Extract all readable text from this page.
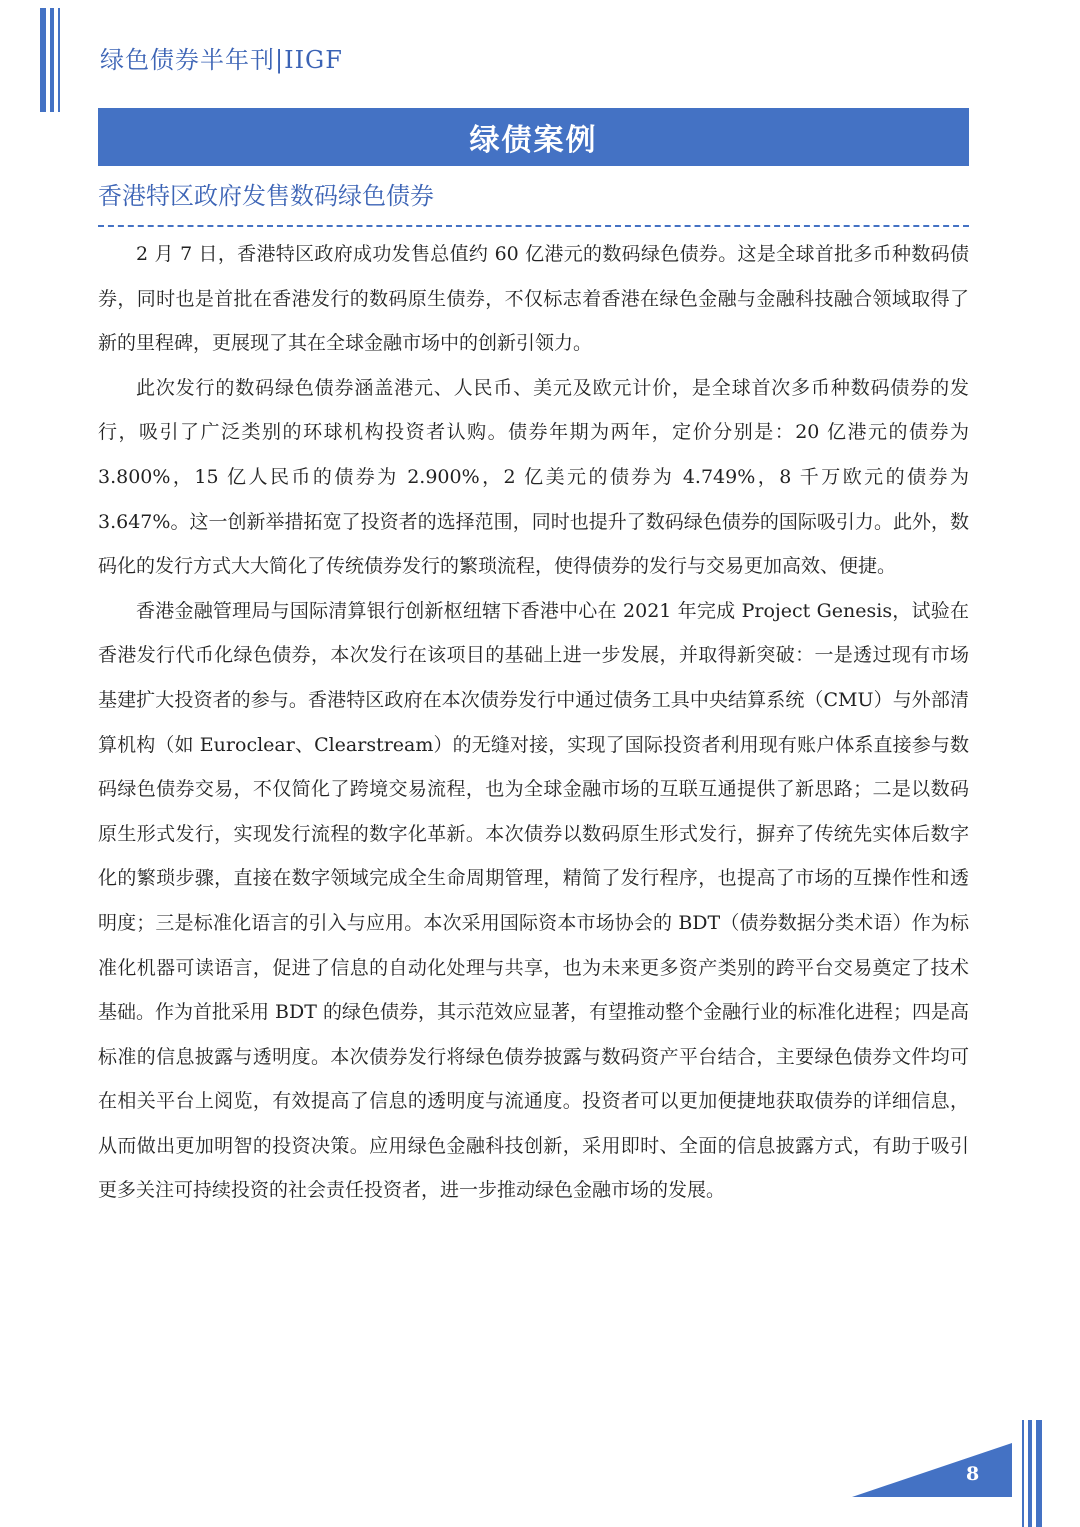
绿色债券半年刊|IIGF
绿债案例
香港特区政府发售数码绿色债券

2 月 7 日，香港特区政府成功发售总值约 60 亿港元的数码绿色债券。这是全球首批多币种数码债券，同时也是首批在香港发行的数码原生债券，不仅标志着香港在绿色金融与金融科技融合领域取得了新的里程碑，更展现了其在全球金融市场中的创新引领力。

此次发行的数码绿色债券涵盖港元、人民币、美元及欧元计价，是全球首次多币种数码债券的发行，吸引了广泛类别的环球机构投资者认购。债券年期为两年，定价分别是：20 亿港元的债券为 3.800%，15 亿人民币的债券为 2.900%，2 亿美元的债券为 4.749%，8 千万欧元的债券为 3.647%。这一创新举措拓宽了投资者的选择范围，同时也提升了数码绿色债券的国际吸引力。此外，数码化的发行方式大大简化了传统债券发行的繁琐流程，使得债券的发行与交易更加高效、便捷。

香港金融管理局与国际清算银行创新枢纽辖下香港中心在 2021 年完成 Project Genesis，试验在香港发行代币化绿色债券，本次发行在该项目的基础上进一步发展，并取得新突破：一是透过现有市场基建扩大投资者的参与。香港特区政府在本次债券发行中通过债务工具中央结算系统（CMU）与外部清算机构（如 Euroclear、Clearstream）的无缝对接，实现了国际投资者利用现有账户体系直接参与数码绿色债券交易，不仅简化了跨境交易流程，也为全球金融市场的互联互通提供了新思路；二是以数码原生形式发行，实现发行流程的数字化革新。本次债券以数码原生形式发行，摒弃了传统先实体后数字化的繁琐步骤，直接在数字领域完成全生命周期管理，精简了发行程序，也提高了市场的互操作性和透明度；三是标准化语言的引入与应用。本次采用国际资本市场协会的 BDT（债券数据分类术语）作为标准化机器可读语言，促进了信息的自动化处理与共享，也为未来更多资产类别的跨平台交易奠定了技术基础。作为首批采用 BDT 的绿色债券，其示范效应显著，有望推动整个金融行业的标准化进程；四是高标准的信息披露与透明度。本次债券发行将绿色债券披露与数码资产平台结合，主要绿色债券文件均可在相关平台上阅览，有效提高了信息的透明度与流通度。投资者可以更加便捷地获取债券的详细信息，从而做出更加明智的投资决策。应用绿色金融科技创新，采用即时、全面的信息披露方式，有助于吸引更多关注可持续投资的社会责任投资者，进一步推动绿色金融市场的发展。

8
